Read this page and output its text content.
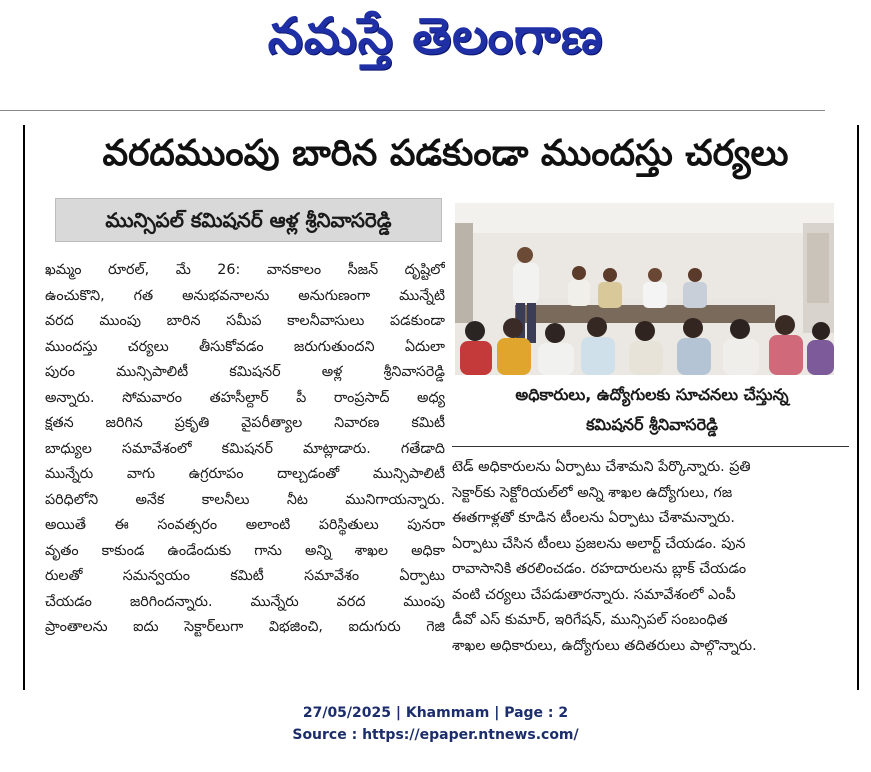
నమస్తే తెలంగాణ
వరదముంపు బారిన పడకుండా ముందస్తు చర్యలు
మున్సిపల్ కమిషనర్ ఆళ్ల శ్రీనివాసరెడ్డి
ఖమ్మం రూరల్, మే 26: వానకాలం సీజన్ దృష్టిలో
ఉంచుకొని, గత అనుభవనాలను అనుగుణంగా మున్నేటి
వరద ముంపు బారిన సమీప కాలనీవాసులు పడకుండా
ముందస్తు చర్యలు తీసుకోవడం జరుగుతుందని ఏదులా
పురం మున్సిపాలిటీ కమిషనర్ అళ్ల శ్రీనివాసరెడ్డి
అన్నారు. సోమవారం తహసీల్దార్ పీ రాంప్రసాద్ అధ్య
క్షతన జరిగిన ప్రకృతి వైపరీత్యాల నివారణ కమిటీ
బాధ్యుల సమావేశంలో కమిషనర్ మాట్లాడారు. గతేడాది
మున్నేరు వాగు ఉగ్రరూపం దాల్చడంతో మున్సిపాలిటీ
పరిధిలోని అనేక కాలనీలు నీట మునిగాయన్నారు.
అయితే ఈ సంవత్సరం అలాంటి పరిస్థితులు పునరా
వృతం కాకుండ ఉండేందుకు గాను అన్ని శాఖల అధికా
రులతో సమన్వయం కమిటీ సమావేశం ఏర్పాటు
చేయడం జరిగిందన్నారు. మున్నేరు వరద ముంపు
ప్రాంతాలను ఐదు సెక్టార్‌లుగా విభజించి, ఐదుగురు గెజి
అధికారులు, ఉద్యోగులకు సూచనలు చేస్తున్న
కమిషనర్ శ్రీనివాసరెడ్డి
టెడ్ అధికారులను ఏర్పాటు చేశామని పేర్కొన్నారు. ప్రతి
సెక్టార్‌కు సెక్టోరియల్‌లో అన్ని శాఖల ఉద్యోగులు, గజ
ఈతగాళ్లతో కూడిన టీంలను ఏర్పాటు చేశామన్నారు.
ఏర్పాటు చేసిన టీంలు ప్రజలను అలార్ట్ చేయడం. పున
రావాసానికి తరలించడం. రహదారులను బ్లాక్ చేయడం
వంటి చర్యలు చేపడుతారన్నారు. సమావేశంలో ఎంపీ
డీవో ఎస్ కుమార్, ఇరిగేషన్, మున్సిపల్ సంబంధిత
శాఖల అధికారులు, ఉద్యోగులు తదితరులు పాల్గొన్నారు.
27/05/2025 | Khammam | Page : 2
Source : https://epaper.ntnews.com/
